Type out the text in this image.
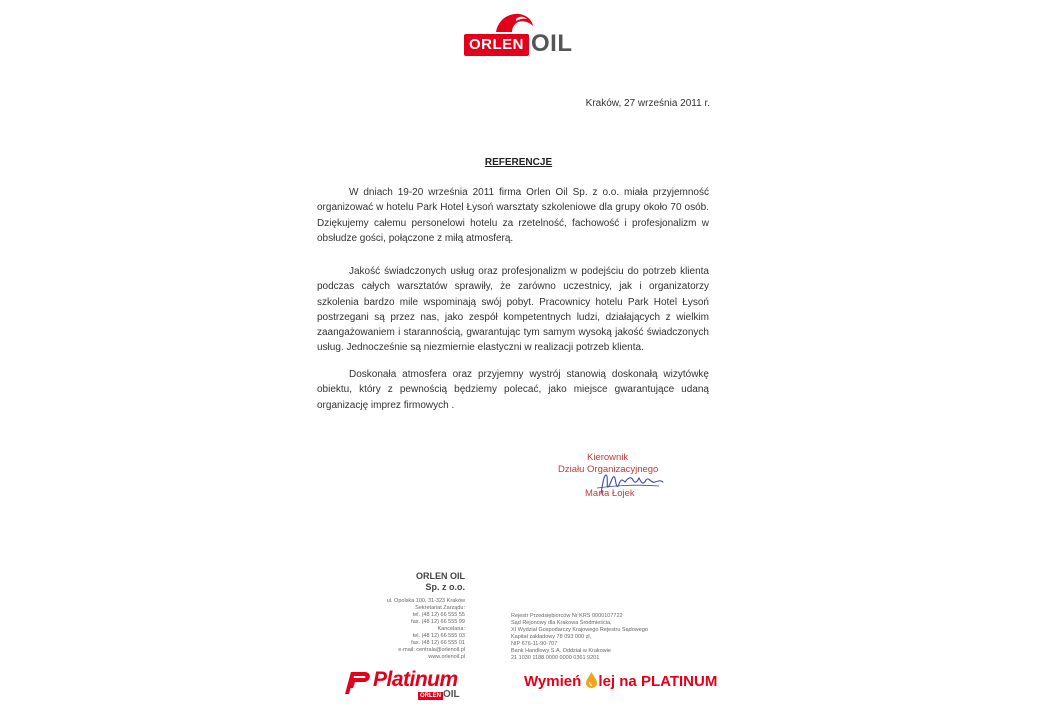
ORLEN OIL
Kraków, 27 września 2011 r.
REFERENCJE
W dniach 19-20 września 2011 firma Orlen Oil Sp. z o.o. miała przyjemność organizować w hotelu Park Hotel Łysoń warsztaty szkoleniowe dla grupy około 70 osób. Dziękujemy całemu personelowi hotelu za rzetelność, fachowość i profesjonalizm w obsłudze gości, połączone z miłą atmosferą.
Jakość świadczonych usług oraz profesjonalizm w podejściu do potrzeb klienta podczas całych warsztatów sprawiły, że zarówno uczestnicy, jak i organizatorzy szkolenia bardzo mile wspominają swój pobyt. Pracownicy hotelu Park Hotel Łysoń postrzegani są przez nas, jako zespół kompetentnych ludzi, działających z wielkim zaangażowaniem i starannością, gwarantując tym samym wysoką jakość świadczonych usług. Jednocześnie są niezmiernie elastyczni w realizacji potrzeb klienta.
Doskonała atmosfera oraz przyjemny wystrój stanowią doskonałą wizytówkę obiektu, który z pewnością będziemy polecać, jako miejsce gwarantujące udaną organizację imprez firmowych .
Kierownik
Działu Organizacyjnego
Marta Łojek
ORLEN OIL
Sp. z o.o.
ul. Opolska 100, 31-323 Kraków
Sekretariat Zarządu:
tel. (48 12) 66 555 55
fax. (48 12) 66 555 99
Kancelaria:
tel. (48 12) 66 555 03
fax. (48 12) 66 555 01
e-mail: centrala@orlenoil.pl
www.orlenoil.pl
Rejestr Przedsiębiorców Nr KRS 0000107722
Sąd Rejonowy dla Krakowa Śródmieścia,
XI Wydział Gospodarczy Krajowego Rejestru Sądowego
Kapitał zakładowy 78 093 000 zł,
NIP 676-11-90-707
Bank Handlowy S.A. Oddział w Krakowie
21 1030 1188 0000 0000 0361 9201
Platinum
ORLEN OIL
Wymień lej na PLATINUM
